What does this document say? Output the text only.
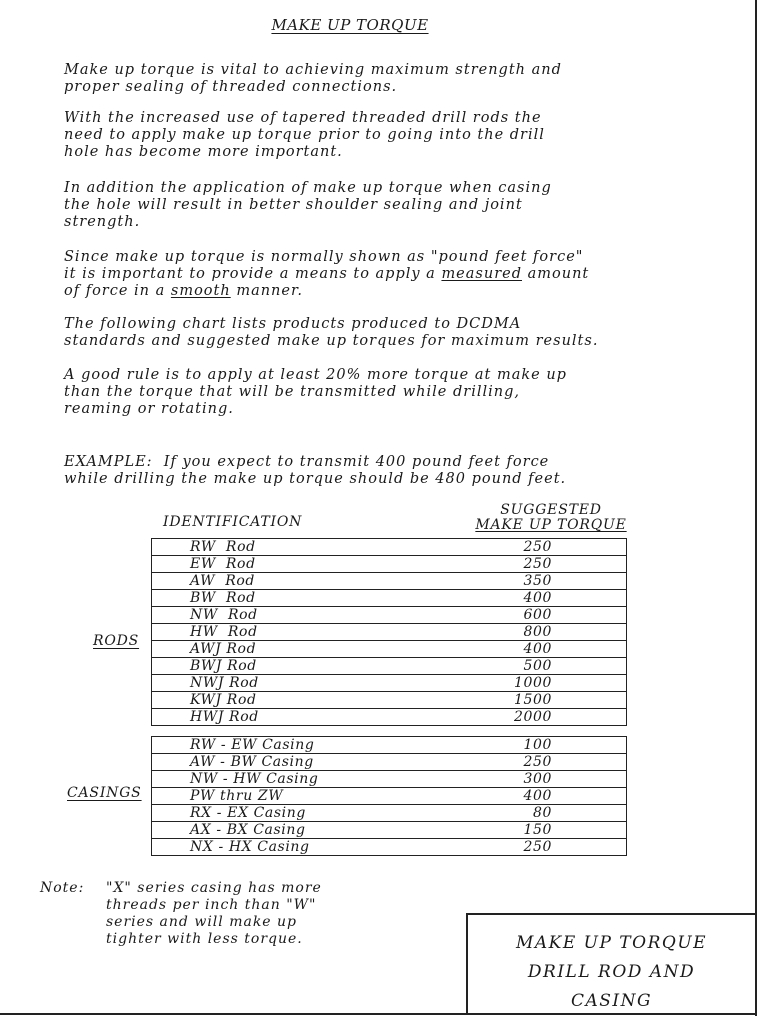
MAKE UP TORQUE
Make up torque is vital to achieving maximum strength and
proper sealing of threaded connections.
With the increased use of tapered threaded drill rods the
need to apply make up torque prior to going into the drill
hole has become more important.
In addition the application of make up torque when casing
the hole will result in better shoulder sealing and joint
strength.
Since make up torque is normally shown as "pound feet force"
it is important to provide a means to apply a measured amount
of force in a smooth manner.
The following chart lists products produced to DCDMA
standards and suggested make up torques for maximum results.
A good rule is to apply at least 20% more torque at make up
than the torque that will be transmitted while drilling,
reaming or rotating.
EXAMPLE:  If you expect to transmit 400 pound feet force
while drilling the make up torque should be 480 pound feet.
IDENTIFICATION
SUGGESTED
MAKE UP TORQUE
RW  Rod	250
EW  Rod	250
AW  Rod	350
BW  Rod	400
NW  Rod	600
HW  Rod	800
AWJ Rod	400
BWJ Rod	500
NWJ Rod	1000
KWJ Rod	1500
HWJ Rod	2000
RODS
RW - EW Casing	100
AW - BW Casing	250
NW - HW Casing	300
PW thru ZW	400
RX - EX Casing	80
AX - BX Casing	150
NX - HX Casing	250
CASINGS
Note: "X" series casing has more
threads per inch than "W"
series and will make up
tighter with less torque.	MAKE UP TORQUE
DRILL ROD AND
CASING
